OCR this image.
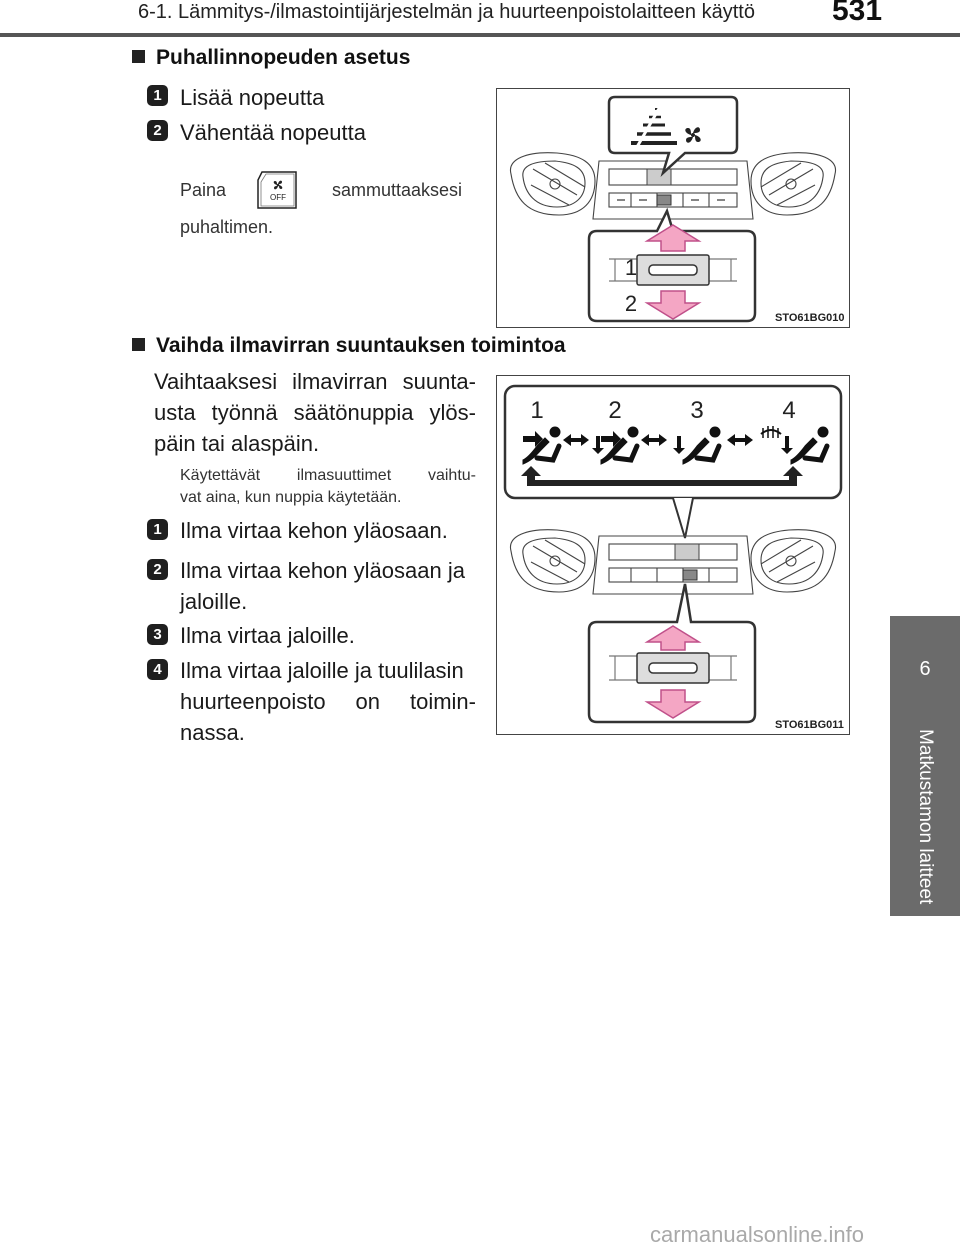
6-1. Lämmitys-/ilmastointijärjestelmän ja huurteenpoistolaitteen käyttö	531
6
Matkustamon laitteet
Puhallinnopeuden asetus
1 Lisää nopeutta
2 Vähentää nopeutta
Paina	OFF	sammuttaaksesi
puhaltimen.
1
2
STO61BG010
Vaihda ilmavirran suuntauksen toimintoa
Vaihtaaksesi ilmavirran suunta-
usta työnnä säätönuppia ylös-
päin tai alaspäin.
Käytettävät ilmasuuttimet vaihtu-
vat aina, kun nuppia käytetään.
1 Ilma virtaa kehon yläosaan.
2 Ilma virtaa kehon yläosaan ja
jaloille.
3 Ilma virtaa jaloille.
4 Ilma virtaa jaloille ja tuulilasin
huurteenpoisto on toimin-
nassa.
1	2	3	4
STO61BG011
carmanualsonline.info
